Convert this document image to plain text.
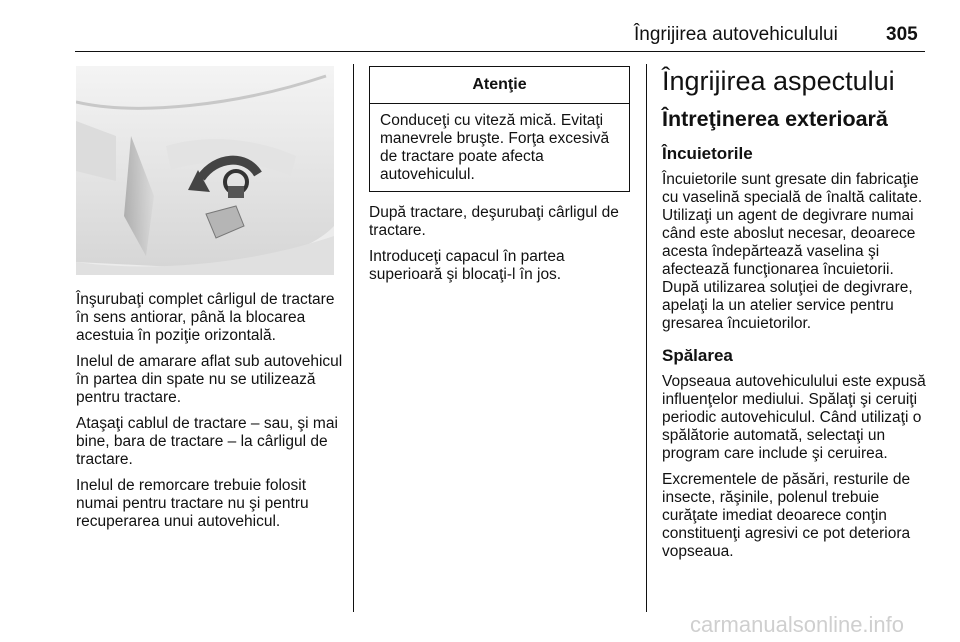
Îngrijirea autovehiculului	305

Înşurubaţi complet cârligul de tractare în sens antiorar, până la blocarea acestuia în poziţie orizontală.

Inelul de amarare aflat sub autovehicul în partea din spate nu se utilizează pentru tractare.

Ataşaţi cablul de tractare – sau, şi mai bine, bara de tractare – la cârligul de tractare.

Inelul de remorcare trebuie folosit numai pentru tractare nu şi pentru recuperarea unui autovehicul.

Atenţie
Conduceţi cu viteză mică. Evitaţi manevrele bruşte. Forţa excesivă de tractare poate afecta autovehiculul.

După tractare, deşurubaţi cârligul de tractare.

Introduceţi capacul în partea superioară şi blocaţi-l în jos.

Îngrijirea aspectului
Întreţinerea exterioară
Încuietorile

Încuietorile sunt gresate din fabricaţie cu vaselină specială de înaltă calitate. Utilizaţi un agent de degivrare numai când este aboslut necesar, deoarece acesta îndepărtează vaselina şi afectează funcţionarea încuietorii. După utilizarea soluţiei de degivrare, apelaţi la un atelier service pentru gresarea încuietorilor.

Spălarea

Vopseaua autovehiculului este expusă influenţelor mediului. Spălaţi şi ceruiţi periodic autovehiculul. Când utilizaţi o spălătorie automată, selectaţi un program care include şi ceruirea.

Excrementele de păsări, resturile de insecte, răşinile, polenul trebuie curăţate imediat deoarece conţin constituenţi agresivi ce pot deteriora vopseaua.

carmanualsonline.info
